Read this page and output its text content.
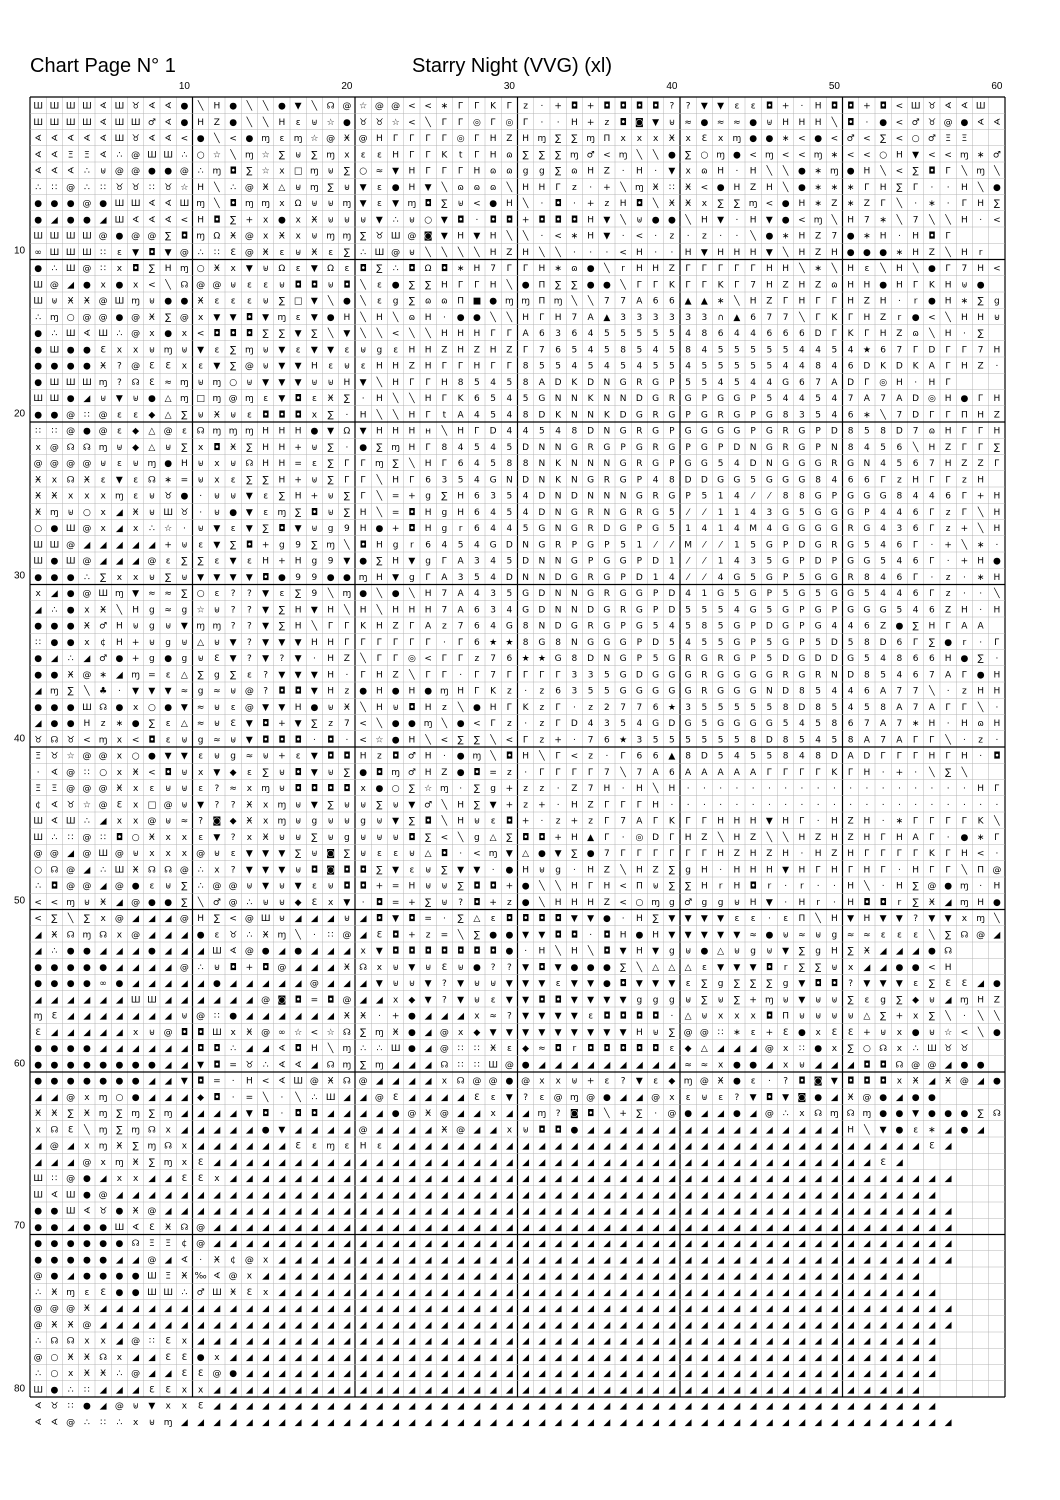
Chart Page N° 1	Starry Night (VVG) (xl)
10	20	30	40	50	60
10
20
30
40
50
60
70
80
Ш Ш Ш Ш ∢ Ш ♉ ∢ ∢ ● ╲ Н ● ╲ ╲ ● ▼ ╲ ☊ @ ☆ @ @ < < ∗ Г Г K Г z · + ◘ + ◘ ◘ ◘ ◘ ? ? ▼ ▼ ɛ ɛ ◘ + · Н ◘ ◘ + ◘ < Ш ♉ ∢ ∢ Ш
Ш Ш Ш Ш ∢ Ш Ш ♂ ∢ ● Н Z ● ╲ ╲ Н ɛ ⊎ ☆ ● ♉ ♉ ☆ < ╲ Г Г ◎ Г ◎ Г · · Н + z ◘ ◙ ▼ ⊎ ≈ ● ≈ ≈ ● ⊎ Н Н Н ╲ ◘ · ● < ♂ ♉ @ ● ∢ ∢
∢ ∢ ∢ ∢ ∢ Ш ♉ ∢ ∢ < ● ╲ < ● ɱ ɛ ɱ ☆ @ Ӿ @ Н Г Г Г Г ◎ Г Н Z Н ɱ ∑ ∑ ɱ Π x x x Ӿ x Ɛ x ɱ ● ● ∗ < ● < ♂ < ∑ < ○ ♂ Ξ Ξ
∢ ∢ Ξ Ξ ∢ ∴ @ Ш Ш ∴ ○ ☆ ╲ ɱ ☆ ∑ ⊎ ∑ ɱ x ɛ ɛ Н Г Г K t Г Н ɷ ∑ ∑ ∑ ɱ ♂ < ɱ ╲ ╲ ● ∑ ○ ɱ ● < ɱ < < ɱ ∗ < < ○ Н ▼ < < ɱ ∗ ♂
∢ ∢ ∢ ∴ ⊎ @ @ ● ● @ ∴ ɱ ◘ ∑ ☆ x □ ɱ ⊎ ∑ ○ ≈ ▼ Н Г Г Г Н ɷ ɷ g g ∑ ɷ Н Z · Н · ▼ x ɷ Н · Н ╲ ╲ ● ∗ ɱ ● Н ╲ < ∑ ◘ Г ╲ ɱ ╲
∴ ∷ @ ∴ ∷ ♉ ♉ ∷ ♉ ☆ Н ╲ ∴ @ Ӿ △ ⊎ ɱ ∑ ⊎ ▼ ɛ ● Н ▼ ╲ ɷ ɷ ɷ ╲ Н Н Г z · + ╲ ɱ Ӿ ∷ Ӿ < ● Н Z Н ╲ ● ∗ ∗ ∗ Г Н ∑ Г · · Н ╲ ●
● ● ● @ ● Ш Ш ∢ ∢ Ш ɱ ╲ ◘ ɱ ɱ x Ω ⊎ ⊎ ɱ ▼ ɛ ▼ ɱ ◘ ∑ ⊎ < ● Н ╲ · ◘ · + z Н ◘ ╲ Ӿ Ӿ x ∑ ∑ ɱ < ● Н ∗ Z ∗ Z Г ╲ · ∗ · Г Н ∑
● ◢ ● ● ◢ Ш ∢ ∢ ∢ < Н ◘ ∑ + x ● x Ӿ ⊎ ⊎ ⊎ ▼ ∴ ⊎ ○ ▼ ◘ · ◘ ◘ + ◘ ◘ ◘ Н ▼ ╲ ⊎ ● ● ╲ Н ▼ · Н ▼ ● < ɱ ╲ Н 7 ∗ ╲ 7 ╲ ╲ Н · <
Ш Ш Ш Ш @ ● @ @ ∑ ◘ ɱ Ω Ӿ @ x Ӿ x ⊎ ɱ ɱ ∑ ♉ Ш @ ◙ ▼ Н ▼ Н ╲ ╲ · < ∗ Н ▼ · < · z · z · · ╲ ● ∗ Н Z 7 ● ∗ Н · Н ◘ Г
∞ Ш Ш Ш ∷ ɛ ▼ ◘ ▼ @ ∴ ∷ Ɛ @ Ӿ ɛ ⊎ Ӿ ɛ ∑ ∴ Ш @ ⊎ ╲ ╲ ╲ ╲ Н Z Н ╲ ╲ · · · < Н · · Н ▼ Н Н Н ▼ ╲ Н Z Н ● ● ● ∗ Н Z ╲ Н r
● ∴ Ш @ ∷ x ◘ ∑ Н ɱ ○ Ӿ x ▼ ⊎ Ω ɛ ▼ Ω ɛ ◘ ∑ ∴ ◘ Ω ◘ ∗ Н 7 Г Г Н ∗ ɷ ● ╲ r Н Н Z Г Г Г Г Г Н Н ╲ ∗ ╲ Н ɛ ╲ Н ╲ ● Г 7 Н <
Ш @ ◢ ● x ● x < ╲ ☊ @ @ ⊎ ɛ ɛ ⊎ ◘ ◘ ⊎ ◘ ╲ ɛ ● ∑ ∑ Н Г Г Н ╲ ● Π ∑ ∑ ● ● ╲ Г Г K Г Г K Г 7 Н Z Н Z ɷ Н Н ● Н Г K Н ⊎ ●
Ш ⊎ Ӿ Ӿ @ Ш ɱ ⊎ ● ● Ӿ ɛ ɛ ɛ ⊎ ∑ □ ▼ ╲ ● ╲ ɛ g ∑ ɷ ɷ Π ■ ● ɱ ɱ Π ɱ ╲ ╲ 7 7 A 6 6 ▲ ▲ ∗ ╲ Н Z Г Н Г Г Н Z Н · r ● Н ∗ ∑ g
∴ ɱ ○ @ @ ● @ Ӿ ∑ @ x ▼ ▼ ◘ ▼ ɱ ɛ ▼ ● Н ╲ Н ╲ ɷ Н · ● ● ╲ ╲ Н Г Н 7 A ▲ 3 3 3 3 З 3 ∩ ▲ 6 7 7 ╲ Г K Г Н Z r ● < ╲ Н Н ⊎
● ∴ Ш ∢ Ш ∴ @ x ● x < ◘ ◘ ◘ ∑ ∑ ▼ ∑ ╲ ▼ ╲ ╲ < ╲ ╲ Н Н Н Г Г A 6 3 6 4 5 5 5 5 5 4 8 6 4 4 6 6 6 D Г K Г Н Z ɷ ╲ Н · ∑
● Ш ● ● Ɛ x x ⊎ ɱ ⊎ ▼ ɛ ∑ ɱ ⊎ ▼ ɛ ▼ ▼ ɛ ⊎ g ɛ Н Н Z Н Z Н Z Г 7 6 5 4 5 8 5 4 5 8 4 5 5 5 5 5 4 4 5 4 ★ 6 7 Г D Г Г 7 Н
● ● ● ● Ӿ ? @ Ɛ Ɛ x ɛ ▼ ∑ @ ⊎ ▼ ▼ Н ɛ ⊎ ɛ Н Н Z Н Г Г Н Г Г 8 5 5 4 5 4 5 4 5 5 4 5 5 5 5 5 4 4 8 4 6 D K D K A Г Н Z ·
● Ш Ш Ш ɱ ? ☊ Ɛ ≈ ɱ ⊎ ɱ ○ ⊎ ▼ ▼ ▼ ⊎ ⊎ Н ▼ ╲ Н Г Г Н 8 5 4 5 8 A D K D N G R G P 5 5 4 5 4 4 G 6 7 A D Г ◎ Н · Н Г
Ш Ш ● ◢ ⊎ ▼ ⊎ ● △ ɱ □ ɱ @ ɱ ɛ ▼ ◘ ɛ Ӿ ∑ · Н ╲ ╲ Н Г K 6 5 4 5 G N N K N N D G R G P G G P 5 4 4 5 4 7 A 7 A D ◎ Н ● Г Н
● ● @ ∷ @ ɛ ɛ ◆ △ ∑ ⊎ Ӿ ⊎ ɛ ◘ ◘ ◘ x ∑ · Н ╲ ╲ Н Г t A 4 5 4 8 D K N N K D G R G P G R G P G 8 3 5 4 6 ∗ ╲ 7 D Г Г Π Н Z
∷ ∷ @ ● @ ɛ ◆ △ @ ɛ ☊ ɱ ɱ ɱ Н Н Н ● ▼ Ω ▼ Н Н Н н ╲ Н Г D 4 4 5 4 8 D N G R G P G G G G P G R G P D 8 5 8 D 7 ɷ Н Г Г Н
x @ ☊ ☊ ɱ ⊎ ◆ △ ⊎ ∑ x ◘ Ӿ ∑ Н Н + ⊎ ∑ · ● ∑ ɱ Н Г 8 4 5 4 5 D N N G R G P G R G P G P D N G R G P N 8 4 5 6 ╲ Н Z Г Г ∑
@ @ @ @ ⊎ ɛ ⊎ ɱ ● Н ⊎ x ⊎ ☊ Н Н = ɛ ∑ Г Г ɱ ∑ ╲ Н Г 6 4 5 8 8 N K N N N G R G P G G 5 4 D N G G G R G N 4 5 6 7 Н Z Z Г
Ӿ x ☊ Ӿ ɛ ▼ ɛ ☊ ∗ = ⊎ x ɛ ∑ ∑ Н + ⊎ ∑ Г Г ╲ Н Г 6 3 5 4 G N D N K N G R G P 4 8 D D G G 5 G G G 8 4 6 6 Г z Н Г Г z Н
Ӿ Ӿ x x x ɱ ɛ ⊎ ♉ ● · ⊎ ⊎ ▼ ɛ ∑ Н + ⊎ ∑ Г ╲ = + g ∑ Н 6 3 5 4 D N D N N N G R G P 5 1 4 ⁄ ⁄ 8 8 G P G G G 8 4 4 6 Г + Н
Ӿ ɱ ⊎ ○ x ◢ Ӿ ⊎ Ш ♉ · ⊎ ● ▼ ɛ ɱ ∑ ◘ ⊎ ∑ Н ╲ = ◘ Н g Н 6 4 5 4 D N G R N G R G 5 ⁄ ⁄ 1 1 4 3 G 5 G G G P 4 4 6 Г z Г ╲ Н
○ ● Ш @ x ◢ x ∴ ☆ · ⊎ ▼ ɛ ▼ ∑ ◘ ▼ ⊎ g 9 Н ● + ◘ Н g r 6 4 4 5 G N G R D G P G 5 1 4 1 4 M 4 G G G G R G 4 3 6 Г z + ╲ Н
Ш Ш @ ◢ ◢ ◢ ◢ ◢ + ⊎ ɛ ▼ ∑ ◘ + g 9 ∑ ɱ ╲ ◘ Н g r 6 4 5 4 G D N G R P G P 5 1 ⁄ ⁄ M ⁄ ⁄ 1 5 G P D G R G 5 4 6 Г · + ╲ ∗ ·
Ш ● Ш @ ◢ ◢ ◢ @ ɛ ∑ ∑ ɛ ▼ ɛ Н + Н g 9 ▼ ● ∑ Н ▼ g Г A 3 4 5 D N N G P G G P D 1 ⁄ ⁄ 1 4 3 5 G P D P G G 5 4 6 Г · + Н ●
● ● ● ∴ ∑ x x ⊎ ∑ ⊎ ▼ ▼ ▼ ▼ ◘ ● 9 9 ● ● ɱ Н ▼ g Г A 3 5 4 D N N D G R G P D 1 4 ⁄ ⁄ 4 G 5 G P 5 G G R 8 4 6 Г · z · ∗ Н
x ◢ ● @ Ш ɱ ▼ ≈ ≈ ∑ ○ ɛ ? ? ▼ ɛ ∑ 9 ╲ ɱ ● ╲ ● ╲ Н 7 A 4 3 5 G D N N G R G G P D 4 1 G 5 G P 5 G 5 G G 5 4 4 6 Г z · · ╲
◢ ∴ ● x Ӿ ╲ Н g ≈ g ☆ ⊎ ? ? ▼ ∑ Н ▼ Н ╲ Н ╲ Н Н Н 7 A 6 3 4 G D N N D G R G P D 5 5 5 4 G 5 G P G P G G G 5 4 6 Z Н · Н
● ● ● Ӿ ♂ Н ⊎ g ⊎ ▼ ɱ ɱ ? ? ▼ ∑ Н ╲ Г Г K Н Z Г A z 7 6 4 G 8 N D G R G P G 5 4 5 8 5 G P D G P G 4 4 6 Z ● ∑ Н Г A A
∷ ● ● x ¢ Н + ⊎ g ⊎ △ ⊎ ▼ ? ▼ ▼ ▼ Н Н Г Г Г Г Г Г · Г 6 ★ ★ 8 G 8 N G G G P D 5 4 5 5 G P 5 G P 5 D 5 8 D 6 Г ∑ ● r · Г
● ◢ ∴ ◢ ♂ ● + g ● g ⊎ Ɛ ▼ ? ▼ ? ▼ · Н Z ╲ Г Г ◎ < Г Г z 7 6 ★ ★ G 8 D N G P 5 G R G R G P 5 D G D D G 5 4 8 6 6 Н ● ∑ ·
● ● Ӿ @ ∗ ◢ ɱ = ɛ △ ∑ g ∑ ɛ ? ▼ ▼ ▼ Н · Г Н Z ╲ Г Г · Г 7 Г Г Г Г 3 3 5 G D G G G R G G G G R G R N D 8 5 4 6 7 A Г ● Н
◢ ɱ ∑ ╲ ♣ · ▼ ▼ ▼ ≈ g ≈ ⊎ @ ? ◘ ◘ ▼ Н z ● Н ● Н ● ɱ Н Г K z · z 6 3 5 5 G G G G G R G G G N D 8 5 4 4 6 A 7 7 ╲ · z Н Н
● ● ● Ш ☊ ● x ○ ● ▼ ≈ ⊎ ɛ @ ▼ ▼ Н ● ⊎ Ӿ ╲ Н ⊎ ◘ Н z ╲ ● Н Г K z Г · z 2 7 7 6 ★ 3 5 5 5 5 5 8 D 8 5 4 5 8 A 7 A Г Г ╲ ·
◢ ● ● Н z ∗ ● ∑ ɛ △ ≈ ⊎ Ɛ ▼ ◘ + ▼ ∑ z 7 < ╲ ● ● ɱ ╲ ● < Г z · z Г D 4 3 5 4 G D G 5 G G G G 5 4 5 8 6 7 A 7 ∗ Н · Н ɷ Н
♉ ☊ ♉ < ɱ x < ◘ ɛ ⊎ g ≈ ⊎ ▼ ◘ ◘ ◘ · ◘ · < ☆ ● Н ╲ < ∑ ∑ ╲ < Г z + · 7 6 ★ 3 5 5 5 5 5 5 8 D 8 5 4 5 8 A 7 A Г Г ╲ · z ·
Ξ ♉ ☆ @ @ x ○ ● ▼ ▼ ɛ ⊎ g ≈ ⊎ + ɛ ▼ ◘ ◘ Н z ◘ ♂ Н · ● ɱ ╲ ◘ Н ╲ Г < z · Г 6 6 ▲ 8 D 5 4 5 5 8 4 8 D A D Г Г Г Н Г Н · ◘
· ∢ @ ∷ ○ x Ӿ < ◘ ⊎ x ▼ ◆ ɛ ∑ ⊎ ◘ ▼ ⊎ ∑ ● ◘ ɱ ♂ Н Z ● ◘ = z · Г Г Г Г 7 ╲ 7 A 6 A A A A A Г Г Г Г K Г Н · + · ╲ ∑ ╲
Ξ Ξ @ @ @ Ӿ x ɛ ⊎ ⊎ ɛ ? ≈ x ɱ ⊎ ◘ ◘ ◘ ◘ x ● ○ ∑ ☆ ɱ · ∑ g + z z · Z 7 Н · Н ╲ Н · · · · · · · · · · · · · · · · · · Н Г
¢ ∢ ♉ ☆ @ Ɛ x □ @ ⊎ ▼ ? ? Ӿ x ɱ ⊎ ▼ ∑ ⊎ ⊎ ∑ ⊎ ▼ ♂ ╲ Н ∑ ▼ + z + · Н Z Г Г Г Н · · · · · · · · · · · · · · · · · · · · ·
Ш ∢ Ш ∴ ◢ x x @ ⊎ ≈ ? ◙ ◆ Ӿ x ɱ ⊎ g ⊎ ⊎ g ⊎ ▼ ∑ ◘ ╲ Н ⊎ ɛ ◘ + · z + z Г 7 A Г K Г Г Н Н Н ▼ Н Г · Н Z Н · ∗ Г Г Г Г K ╲
Ш ∴ ∷ @ ∷ ◘ ○ Ӿ x x ɛ ▼ ? x Ӿ ⊎ ⊎ ∑ ⊎ g ⊎ ⊎ ⊎ ◘ ∑ < ╲ g △ ∑ ◘ ◘ + Н ▲ Г · ◎ D Г Н Z ╲ Н Z ╲ ╲ Н Z Н Z Н Г Н A Г · ● ∗ Г
@ @ ◢ @ Ш @ ⊎ x x x @ ⊎ ɛ ▼ ▼ ▼ ∑ ⊎ ◙ ∑ ⊎ ɛ ɛ ⊎ △ ◘ · < ɱ ▼ △ ● ▼ ∑ ● 7 Г Г Г Г Г Г Н Z Н Z Н · Н Z Н Г Г Г Г K Г Н < ·
○ ☊ @ ◢ ∴ Ш Ӿ ☊ ☊ @ ∴ x ? ▼ ▼ ▼ ⊎ ◘ ◙ ◘ ◘ ∑ ▼ ɛ ⊎ ∑ ▼ ▼ · ● Н ⊎ g · Н Z ╲ Н Z ∑ g Н · Н Н Н ▼ Н Г Н Г Н Г · Н Г Г ╲ Π @
∴ ◘ @ @ ◢ @ ● ɛ ⊎ ∑ ∴ @ @ ⊎ ▼ ⊎ ▼ ɛ ⊎ ◘ ◘ + = Н ⊎ ⊎ ∑ ◘ ◘ + ● ╲ ╲ Н Г Н < Π ⊎ ∑ ∑ Н r Н ◘ r · r · · Н ╲ · Н ∑ @ ● ɱ · Н
< < ɱ ⊎ Ӿ ◢ @ ● ● ∑ ╲ ♂ @ ∴ ⊎ ⊎ ◆ Ɛ x ▼ · ◘ = + ∑ ⊎ ? ◘ + z ● ╲ Н Н Н Z < ○ ɱ g ♂ g g ⊎ Н ▼ · Н r · Н ◘ ◘ r ∑ Ӿ ◢ ɱ Н ●
< ∑ ╲ ∑ x @ ◢ ◢ ◢ @ Н ∑ < @ Ш ⊎ ◢ ◢ ◢ ⊎ ◢ ◘ ▼ ◘ = · ∑ △ ɛ ◘ ◘ ◘ ◘ ▼ ▼ ● · Н ∑ ▼ ▼ ▼ ▼ ɛ ɛ · ɛ Π ╲ Н ▼ Н ▼ ▼ ? ▼ ▼ x ɱ ╲
◢ Ӿ ☊ ɱ ☊ x @ ◢ ◢ ◢ ● ɛ ♉ ∴ Ӿ ɱ ╲ · ∷ @ ◢ Ɛ ◘ + z = ╲ ∑ ● ● ▼ ▼ ◘ ◘ · ◘ Н ● Н ▼ ▼ ▼ ▼ ▼ ≈ ● ⊎ ≈ ⊎ g ≈ ≈ ɛ ɛ ɛ ╲ ∑ ☊ @ ◢
◢ ∴ ● ● ◢ ◢ ◢ ● ◢ ◢ ◢ Ш ∢ @ ● ◢ ● ◢ ◢ ◢ x ▼ ◘ ◘ ◘ ◘ ◘ ◘ ◘ ● · Н ╲ Н ╲ ◘ ▼ Н ▼ g ⊎ ● △ ⊎ g ⊎ ▼ ∑ g Н ∑ Ӿ ◢ ◢ ◢ ● ☊
● ● ● ● ● ◢ ◢ ◢ ◢ @ ∴ ⊎ ◘ + ◘ @ ◢ ◢ ◢ Ӿ ☊ x ⊎ ▼ ⊎ Ɛ ⊎ ● ? ? ▼ ◘ ▼ ● ● ● ∑ ╲ △ △ △ ɛ ▼ ▼ ▼ ◘ r ∑ ∑ ⊎ x ◢ ◢ ● ● < Н
● ● ● ● ∞ ● ◢ ◢ ◢ ◢ ◢ ● ◢ ◢ ◢ ◢ ◢ @ ◢ ◢ ◢ ▼ ⊎ ⊎ ▼ ? ▼ ⊎ ⊎ ▼ ▼ ▼ ɛ ▼ ▼ ● ◘ ▼ ▼ ▼ ɛ ∑ g ∑ ∑ ∑ g ▼ ◘ ◘ ? ▼ ▼ ▼ ɛ ∑ Ɛ Ɛ ◢ ●
◢ ◢ ◢ ◢ ◢ ◢ Ш Ш ◢ ◢ ◢ ◢ ◢ ◢ @ ◙ ◘ = ◘ @ ◢ ◢ x ◆ ▼ ? ▼ ⊎ ɛ ▼ ▼ ◘ ◘ ▼ ▼ ▼ ▼ g g g ⊎ ∑ ⊎ ∑ + ɱ ⊎ ▼ ⊎ ⊎ ∑ ɛ g ∑ ◆ ⊎ ◢ ɱ Н Z
ɱ Ɛ ◢ ◢ ◢ ◢ ◢ ◢ ◢ ⊎ @ ∷ ● ◢ ◢ ◢ ◢ ◢ ◢ Ӿ Ӿ · + ● ◢ ◢ ◢ x ≈ ? ▼ ▼ ▼ ▼ ɛ ◘ ◘ ◘ ◘ · △ ⊎ x x x ◘ Π ⊎ ⊎ ⊎ ⊎ △ ∑ + x ∑ ╲ · ╲ ╲
Ɛ ◢ ◢ ◢ ◢ ◢ x ⊎ @ ◘ ◘ Ш x Ӿ @ ∞ ☆ < ☆ ☊ ∑ ɱ Ӿ ● ◢ @ x ◆ ▼ ▼ ▼ ▼ ▼ ▼ ▼ ▼ ▼ Н ⊎ ∑ @ @ ∷ ∗ ɛ + Ɛ ● x Ɛ Ɛ + ⊎ x ● ⊎ ☆ < ╲ ●
● ● ● ● ◢ ◢ ◢ ◢ ◢ ◢ ◘ ◘ ∴ ◢ ◢ ∢ ◘ Н ╲ ɱ ∴ ∴ Ш ● ◢ @ ∷ ∷ Ӿ ɛ ◆ ≈ ◘ r ◘ ◘ ◘ ◘ ◘ ɛ ◆ △ ◢ ◢ ◢ @ x ∷ ● x ∑ ○ ☊ x ∴ Ш ♉ ♉
● ● ● ● ● ● ● ● ◢ ◢ ▼ ◘ = ♉ ∴ ∢ ∢ ◢ ☊ ɱ ∑ ɱ ◢ ◢ ◢ ☊ ∷ ∷ Ш @ ● ◢ ◢ ◢ ◢ ◢ ◢ ◢ ◢ ◢ ≈ ≈ x ● ● ◢ x ⊎ ◢ ◢ ◢ ◘ ◘ ☊ @ @ ◢ ● ●
● ● ● ● ● ● ● ◢ ◢ ▼ ◘ = · Н < ∢ Ш @ Ӿ ☊ @ ◢ ◢ ◢ ◢ x ☊ @ @ ● @ x x ⊎ + ɛ ? ▼ ɛ ◆ ɱ @ Ӿ ● ɛ · ? ◘ ◙ ▼ ◘ ◘ ◘ x Ӿ ◢ Ӿ @ ◢ ●
◢ ◢ @ x ɱ ○ ● ◢ ◢ ◢ ◆ ◘ · = ╲ · ╲ ∴ Ш ◢ ◢ @ Ɛ ◢ ◢ ◢ ◢ Ɛ ɛ ▼ ? ɛ @ ɱ @ ● ◢ ◢ @ x ɛ ⊎ ɛ ? ▼ ◘ ▼ ◙ ● ◢ Ӿ @ ● ◢ ● ●
Ӿ Ӿ ∑ Ӿ ɱ ∑ ɱ ∑ ɱ ◢ ◢ ◢ ◢ ▼ ◘ · ◘ ◘ ◢ ◢ ◢ ◢ ● @ Ӿ @ ◢ ◢ x ◢ ◢ ɱ ? ◙ ◘ ╲ + ∑ · @ ● ◢ ◢ ● ◢ @ ∴ x ☊ ɱ ☊ ɱ ● ● ▼ ● ● ● ∑ ☊
x ☊ Ɛ ╲ ɱ ∑ ɱ ☊ x ◢ ◢ ◢ ◢ ◢ ● ▼ ◢ ◢ ◢ ◢ @ ◢ ◢ ◢ ◢ Ӿ @ ◢ ◢ x ⊎ ◘ ◘ ● ◢ ◢ ◢ ◢ ◢ ◢ ◢ ◢ ◢ ◢ ◢ ◢ ◢ ◢ ◢ ◢ Н ╲ ▼ ● ɛ ∗ ◢ ● ◢
◢ @ ◢ x ɱ Ӿ ∑ ɱ ☊ x ◢ ◢ ◢ ◢ ◢ ◢ Ɛ ɛ ɱ ɛ Н ɛ ◢ ◢ ◢ ◢ ◢ ◢ ◢ ◢ ◢ ◢ ◢ ◢ ◢ ◢ ◢ ◢ ◢ ◢ ◢ ◢ ◢ ◢ ◢ ◢ ◢ ◢ ◢ ◢ ◢ ◢ ◢ ◢ ◢ Ɛ ◢
◢ ◢ ◢ @ x ɱ Ӿ ∑ ɱ x Ɛ ◢ ◢ ◢ ◢ ◢ ◢ ◢ ◢ ◢ ◢ ◢ ◢ ◢ ◢ ◢ ◢ ◢ ◢ ◢ ◢ ◢ ◢ ◢ ◢ ◢ ◢ ◢ ◢ ◢ ◢ ◢ ◢ ◢ ◢ ◢ ◢ ◢ ◢ ◢ ◢ ◢ Ɛ ◢
Ш ∷ @ ● ◢ x x ◢ ◢ Ɛ Ɛ x ◢ ◢ ◢ ◢ ◢ ◢ ◢ ◢ ◢ ◢ ◢ ◢ ◢ ◢ ◢ ◢ ◢ ◢ ◢ ◢ ◢ ◢ ◢ ◢ ◢ ◢ ◢ ◢ ◢ ◢ ◢ ◢ ◢ ◢ ◢ ◢ ◢ ◢ ◢ ◢ ◢ ◢ ◢ ◢ ◢
Ш ∢ Ш ● @ ◢ ◢ ◢ ◢ ◢ ◢ ◢ ◢ ◢ ◢ ◢ ◢ ◢ ◢ ◢ ◢ ◢ ◢ ◢ ◢ ◢ ◢ ◢ ◢ ◢ ◢ ◢ ◢ ◢ ◢ ◢ ◢ ◢ ◢ ◢ ◢ ◢ ◢ ◢ ◢ ◢ ◢ ◢ ◢ ◢ ◢ ◢ ◢ ◢ ◢ ◢
● ● Ш ∢ ♉ ● Ӿ @ ◢ ◢ ◢ ◢ ◢ ◢ ◢ ◢ ◢ ◢ ◢ ◢ ◢ ◢ ◢ ◢ ◢ ◢ ◢ ◢ ◢ ◢ ◢ ◢ ◢ ◢ ◢ ◢ ◢ ◢ ◢ ◢ ◢ ◢ ◢ ◢ ◢ ◢ ◢ ◢ ◢ ◢ ◢ ◢ ◢ ◢ ◢ ◢ ◢
● ● ◢ ● ● Ш ∢ Ɛ Ӿ ☊ @ ◢ ◢ ◢ ◢ ◢ ◢ ◢ ◢ ◢ ◢ ◢ ◢ ◢ ◢ ◢ ◢ ◢ ◢ ◢ ◢ ◢ ◢ ◢ ◢ ◢ ◢ ◢ ◢ ◢ ◢ ◢ ◢ ◢ ◢ ◢ ◢ ◢ ◢ ◢ ◢ ◢ ◢ ◢ ◢ ◢ ◢
● ● ● ● ● ● ☊ Ξ Ξ ¢ @ ◢ ◢ ◢ ◢ ◢ ◢ ◢ ◢ ◢ ◢ ◢ ◢ ◢ ◢ ◢ ◢ ◢ ◢ ◢ ◢ ◢ ◢ ◢ ◢ ◢ ◢ ◢ ◢ ◢ ◢ ◢ ◢ ◢ ◢ ◢ ◢ ◢ ◢ ◢ ◢ ◢ ◢ ◢ ◢ ◢ ◢
● ● ● ● ● ◢ ◢ @ ◢ ∢ · Ӿ ¢ @ x ◢ ◢ ◢ ◢ ◢ ◢ ◢ ◢ ◢ ◢ ◢ ◢ ◢ ◢ ◢ ◢ ◢ ◢ ◢ ◢ ◢ ◢ ◢ ◢ ◢ ◢ ◢ ◢ ◢ ◢ ◢ ◢ ◢ ◢ ◢ ◢ ◢ ◢ ◢ ◢ ◢ ◢
@ ● ◢ ● ● ● ● Ш Ξ Ӿ ‰ ∢ @ x ◢ ◢ ◢ ◢ ◢ ◢ ◢ ◢ ◢ ◢ ◢ ◢ ◢ ◢ ◢ ◢ ◢ ◢ ◢ ◢ ◢ ◢ ◢ ◢ ◢ ◢ ◢ ◢ ◢ ◢ ◢ ◢ ◢ ◢ ◢ ◢ ◢ ◢ ◢ ◢ ◢
∴ Ӿ ɱ ɛ Ɛ ● ● Ш Ш ∴ ♂ Ш Ӿ Ɛ x ◢ ◢ ◢ ◢ ◢ ◢ ◢ ◢ ◢ ◢ ◢ ◢ ◢ ◢ ◢ ◢ ◢ ◢ ◢ ◢ ◢ ◢ ◢ ◢ ◢ ◢ ◢ ◢ ◢ ◢ ◢ ◢ ◢ ◢ ◢ ◢ ◢ ◢ ◢ ◢ ◢
@ @ @ Ӿ ◢ ◢ ◢ ◢ ◢ ◢ ◢ ◢ ◢ ◢ ◢ ◢ ◢ ◢ ◢ ◢ ◢ ◢ ◢ ◢ ◢ ◢ ◢ ◢ ◢ ◢ ◢ ◢ ◢ ◢ ◢ ◢ ◢ ◢ ◢ ◢ ◢ ◢ ◢ ◢ ◢ ◢ ◢ ◢ ◢ ◢ ◢ ◢ ◢ ◢ ◢ ◢ ◢
@ Ӿ Ӿ @ ◢ ◢ ◢ ◢ ◢ ◢ ◢ ◢ ◢ ◢ ◢ ◢ ◢ ◢ ◢ ◢ ◢ ◢ ◢ ◢ ◢ ◢ ◢ ◢ ◢ ◢ ◢ ◢ ◢ ◢ ◢ ◢ ◢ ◢ ◢ ◢ ◢ ◢ ◢ ◢ ◢ ◢ ◢ ◢ ◢ ◢ ◢ ◢ ◢ ◢ ◢ ◢ ◢
∴ ☊ ☊ x x ◢ @ ∷ Ɛ x ◢ ◢ ◢ ◢ ◢ ◢ ◢ ◢ ◢ ◢ ◢ ◢ ◢ ◢ ◢ ◢ ◢ ◢ ◢ ◢ ◢ ◢ ◢ ◢ ◢ ◢ ◢ ◢ ◢ ◢ ◢ ◢ ◢ ◢ ◢ ◢ ◢ ◢ ◢ ◢ ◢ ◢ ◢ ◢ ◢ ◢
@ ○ Ӿ Ӿ ☊ x ◢ ◢ Ɛ Ɛ ● x ◢ ◢ ◢ ◢ ◢ ◢ ◢ ◢ ◢ ◢ ◢ ◢ ◢ ◢ ◢ ◢ ◢ ◢ ◢ ◢ ◢ ◢ ◢ ◢ ◢ ◢ ◢ ◢ ◢ ◢ ◢ ◢ ◢ ◢ ◢ ◢ ◢ ◢ ◢ ◢ ◢ ◢ ◢ ◢
∴ ○ x Ӿ Ӿ ∴ @ ◢ ◢ Ɛ Ɛ @ ● ◢ ◢ ◢ ◢ ◢ ◢ ◢ ◢ ◢ ◢ ◢ ◢ ◢ ◢ ◢ ◢ ◢ ◢ ◢ ◢ ◢ ◢ ◢ ◢ ◢ ◢ ◢ ◢ ◢ ◢ ◢ ◢ ◢ ◢ ◢ ◢ ◢ ◢ ◢ ◢ ◢ ◢ ◢
Ш ● ∴ ∷ ◢ ◢ ◢ Ɛ Ɛ x x ◢ ◢ ◢ ◢ ◢ ◢ ◢ ◢ ◢ ◢ ◢ ◢ ◢ ◢ ◢ ◢ ◢ ◢ ◢ ◢ ◢ ◢ ◢ ◢ ◢ ◢ ◢ ◢ ◢ ◢ ◢ ◢ ◢ ◢ ◢ ◢ ◢ ◢ ◢ ◢ ◢ ◢ ◢ ◢
∢ ♉ ∷ ● ◢ @ ⊎ ▼ x x Ɛ ◢ ◢ ◢ ◢ ◢ ◢ ◢ ◢ ◢ ◢ ◢ ◢ ◢ ◢ ◢ ◢ ◢ ◢ ◢ ◢ ◢ ◢ ◢ ◢ ◢ ◢ ◢ ◢ ◢ ◢ ◢ ◢ ◢ ◢ ◢ ◢ ◢ ◢ ◢ ◢ ◢ ◢ ◢ ◢ ◢
∢ ∢ @ ∴ ∷ ∴ x ⊎ ɱ ◢ ◢ ◢ ◢ ◢ ◢ ◢ ◢ ◢ ◢ ◢ ◢ ◢ ◢ ◢ ◢ ◢ ◢ ◢ ◢ ◢ ◢ ◢ ◢ ◢ ◢ ◢ ◢ ◢ ◢ ◢ ◢ ◢ ◢ ◢ ◢ ◢ ◢ ◢ ◢ ◢ ◢ ◢ ◢ ◢ ◢ ◢ ◢
